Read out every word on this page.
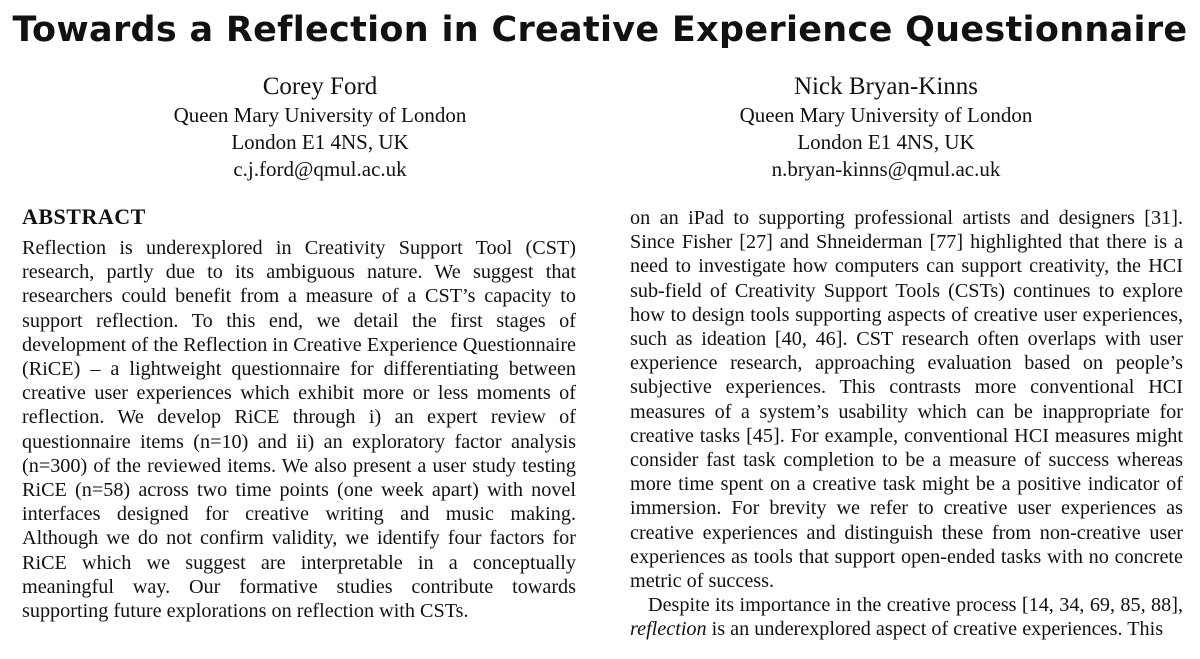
Towards a Reflection in Creative Experience Questionnaire
Corey Ford
Queen Mary University of London
London E1 4NS, UK
c.j.ford@qmul.ac.uk
Nick Bryan-Kinns
Queen Mary University of London
London E1 4NS, UK
n.bryan-kinns@qmul.ac.uk
ABSTRACT

Reflection is underexplored in Creativity Support Tool (CST) research, partly due to its ambiguous nature. We suggest that researchers could benefit from a measure of a CST’s capacity to support reflection. To this end, we detail the first stages of development of the Reflection in Creative Experience Questionnaire (RiCE) – a lightweight questionnaire for differentiating between creative user experiences which exhibit more or less moments of reflection. We develop RiCE through i) an expert review of questionnaire items (n=10) and ii) an exploratory factor analysis (n=300) of the reviewed items. We also present a user study testing RiCE (n=58) across two time points (one week apart) with novel interfaces designed for creative writing and music making. Although we do not confirm validity, we identify four factors for RiCE which we suggest are interpretable in a conceptually meaningful way. Our formative studies contribute towards supporting future explorations on reflection with CSTs.

on an iPad to supporting professional artists and designers [31]. Since Fisher [27] and Shneiderman [77] highlighted that there is a need to investigate how computers can support creativity, the HCI sub-field of Creativity Support Tools (CSTs) continues to explore how to design tools supporting aspects of creative user experiences, such as ideation [40, 46]. CST research often overlaps with user experience research, approaching evaluation based on people’s subjective experiences. This contrasts more conventional HCI measures of a system’s usability which can be inappropriate for creative tasks [45]. For example, conventional HCI measures might consider fast task completion to be a measure of success whereas more time spent on a creative task might be a positive indicator of immersion. For brevity we refer to creative user experiences as creative experiences and distinguish these from non-creative user experiences as tools that support open-ended tasks with no concrete metric of success.

Despite its importance in the creative process [14, 34, 69, 85, 88], reflection is an underexplored aspect of creative experiences. This
